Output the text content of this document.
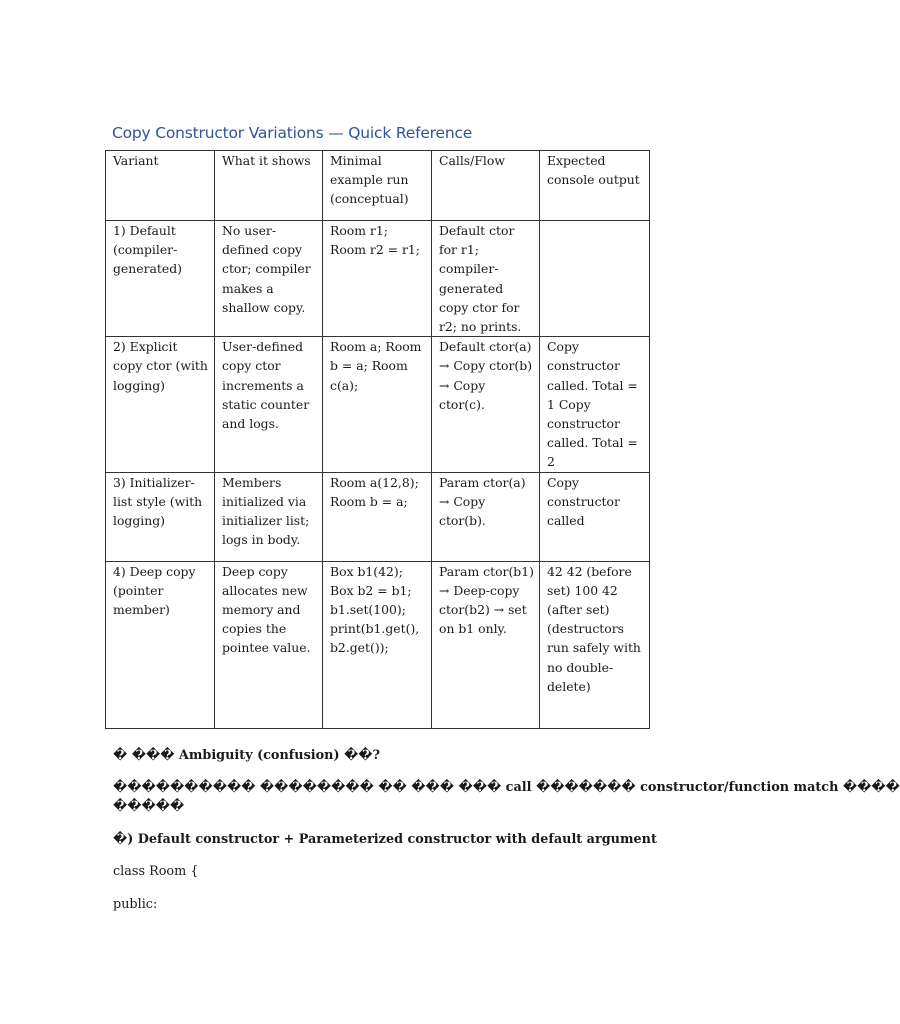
Copy Constructor Variations — Quick Reference
Variant	What it shows	Minimal example run (conceptual)	Calls/Flow	Expected console output
1) Default (compiler-generated)	No user-defined copy ctor; compiler makes a shallow copy.	Room r1; Room r2 = r1;	Default ctor for r1; compiler-generated copy ctor for r2; no prints.	
2) Explicit copy ctor (with logging)	User-defined copy ctor increments a static counter and logs.	Room a; Room b = a; Room c(a);	Default ctor(a) → Copy ctor(b) → Copy ctor(c).	Copy constructor called. Total = 1 Copy constructor called. Total = 2
3) Initializer-list style (with logging)	Members initialized via initializer list; logs in body.	Room a(12,8); Room b = a;	Param ctor(a) → Copy ctor(b).	Copy constructor called
4) Deep copy (pointer member)	Deep copy allocates new memory and copies the pointee value.	Box b1(42); Box b2 = b1; b1.set(100); print(b1.get(), b2.get());	Param ctor(b1) → Deep-copy ctor(b2) → set on b1 only.	42 42 (before set) 100 42 (after set) (destructors run safely with no double-delete)
� ��� Ambiguity (confusion) ��?
���������� �������� �� ��� ��� call ������� constructor/function match ����
�����
�) Default constructor + Parameterized constructor with default argument
class Room {
public:
